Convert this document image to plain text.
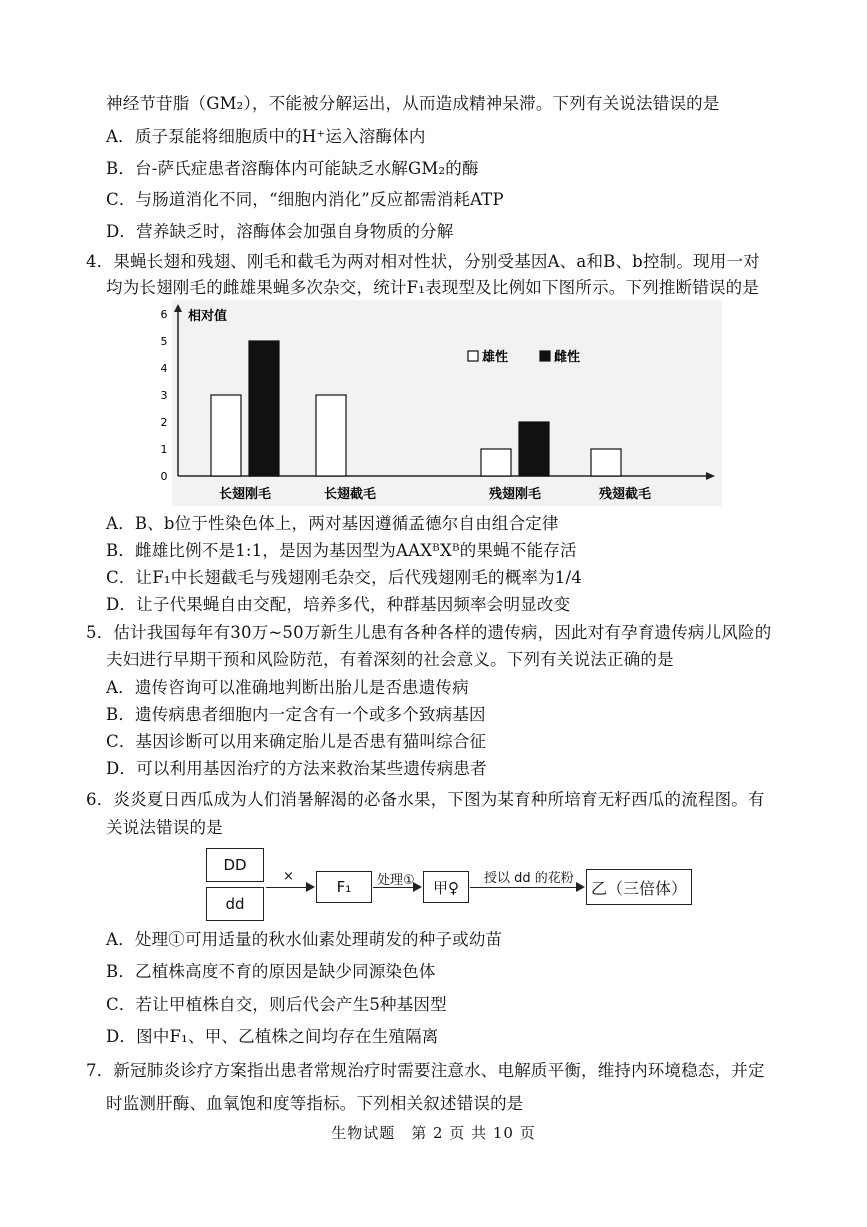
神经节苷脂（GM₂），不能被分解运出，从而造成精神呆滞。下列有关说法错误的是
A．质子泵能将细胞质中的H⁺运入溶酶体内
B．台-萨氏症患者溶酶体内可能缺乏水解GM₂的酶
C．与肠道消化不同，“细胞内消化”反应都需消耗ATP
D．营养缺乏时，溶酶体会加强自身物质的分解
4．果蝇长翅和残翅、刚毛和截毛为两对相对性状，分别受基因A、a和B、b控制。现用一对
均为长翅刚毛的雌雄果蝇多次杂交，统计F₁表现型及比例如下图所示。下列推断错误的是
0
1
2
3
4
5
6 相对值
长翅刚毛	长翅截毛	残翅刚毛	残翅截毛
雄性	雌性
A．B、b位于性染色体上，两对基因遵循孟德尔自由组合定律
B．雌雄比例不是1:1，是因为基因型为AAXᴮXᴮ的果蝇不能存活
C．让F₁中长翅截毛与残翅刚毛杂交，后代残翅刚毛的概率为1/4
D．让子代果蝇自由交配，培养多代，种群基因频率会明显改变
5．估计我国每年有30万~50万新生儿患有各种各样的遗传病，因此对有孕育遗传病儿风险的
夫妇进行早期干预和风险防范，有着深刻的社会意义。下列有关说法正确的是
A．遗传咨询可以准确地判断出胎儿是否患遗传病
B．遗传病患者细胞内一定含有一个或多个致病基因
C．基因诊断可以用来确定胎儿是否患有猫叫综合征
D．可以利用基因治疗的方法来救治某些遗传病患者
6．炎炎夏日西瓜成为人们消暑解渴的必备水果，下图为某育种所培育无籽西瓜的流程图。有
关说法错误的是
DD
dd
×
F₁	处理①	甲♀	授以 dd 的花粉	乙（三倍体）
A．处理①可用适量的秋水仙素处理萌发的种子或幼苗
B．乙植株高度不育的原因是缺少同源染色体
C．若让甲植株自交，则后代会产生5种基因型
D．图中F₁、甲、乙植株之间均存在生殖隔离
7．新冠肺炎诊疗方案指出患者常规治疗时需要注意水、电解质平衡，维持内环境稳态，并定
时监测肝酶、血氧饱和度等指标。下列相关叙述错误的是
生物试题　第 2 页 共 10 页
